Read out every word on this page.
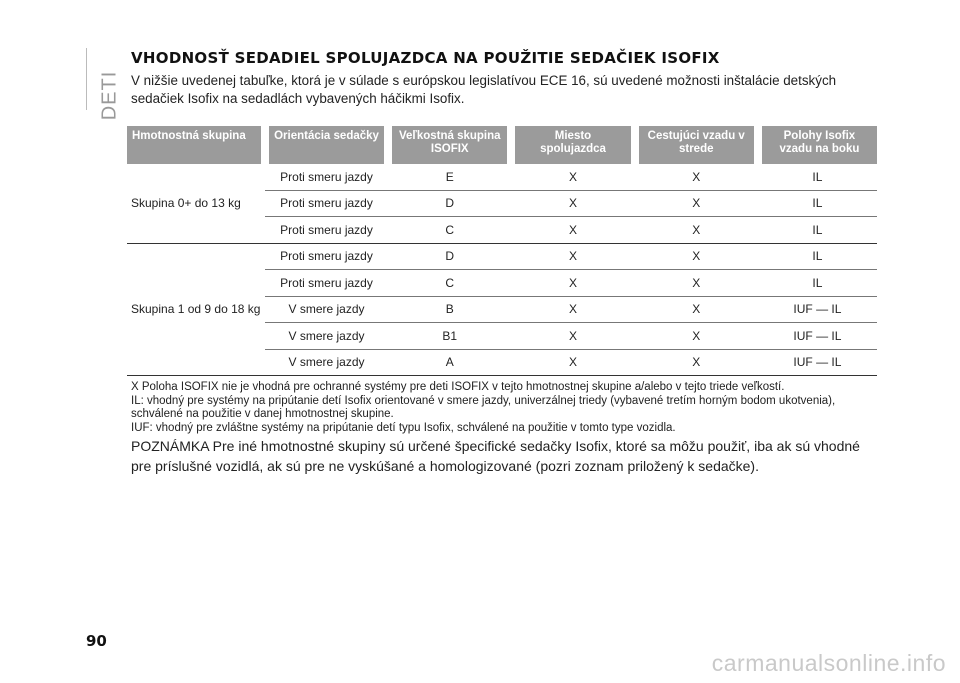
DETI
VHODNOSŤ SEDADIEL SPOLUJAZDCA NA POUŽITIE SEDAČIEK ISOFIX
V nižšie uvedenej tabuľke, ktorá je v súlade s európskou legislatívou ECE 16, sú uvedené možnosti inštalácie detských sedačiek Isofix na sedadlách vybavených háčikmi Isofix.
Hmotnostná skupina	Orientácia sedačky	Veľkostná skupina ISOFIX	Miesto spolujazdca	Cestujúci vzadu v strede	Polohy Isofix vzadu na boku
Skupina 0+ do 13 kg	Proti smeru jazdy	E	X	X	IL
	Proti smeru jazdy	D	X	X	IL
	Proti smeru jazdy	C	X	X	IL
Skupina 1 od 9 do 18 kg	Proti smeru jazdy	D	X	X	IL
	Proti smeru jazdy	C	X	X	IL
	V smere jazdy	B	X	X	IUF — IL
	V smere jazdy	B1	X	X	IUF — IL
	V smere jazdy	A	X	X	IUF — IL

X Poloha ISOFIX nie je vhodná pre ochranné systémy pre deti ISOFIX v tejto hmotnostnej skupine a/alebo v tejto triede veľkostí.

IL: vhodný pre systémy na pripútanie detí Isofix orientované v smere jazdy, univerzálnej triedy (vybavené tretím horným bodom ukotvenia), schválené na použitie v danej hmotnostnej skupine.

IUF: vhodný pre zvláštne systémy na pripútanie detí typu Isofix, schválené na použitie v tomto type vozidla.

POZNÁMKA Pre iné hmotnostné skupiny sú určené špecifické sedačky Isofix, ktoré sa môžu použiť, iba ak sú vhodné pre príslušné vozidlá, ak sú pre ne vyskúšané a homologizované (pozri zoznam priložený k sedačke).
90
carmanualsonline.info
